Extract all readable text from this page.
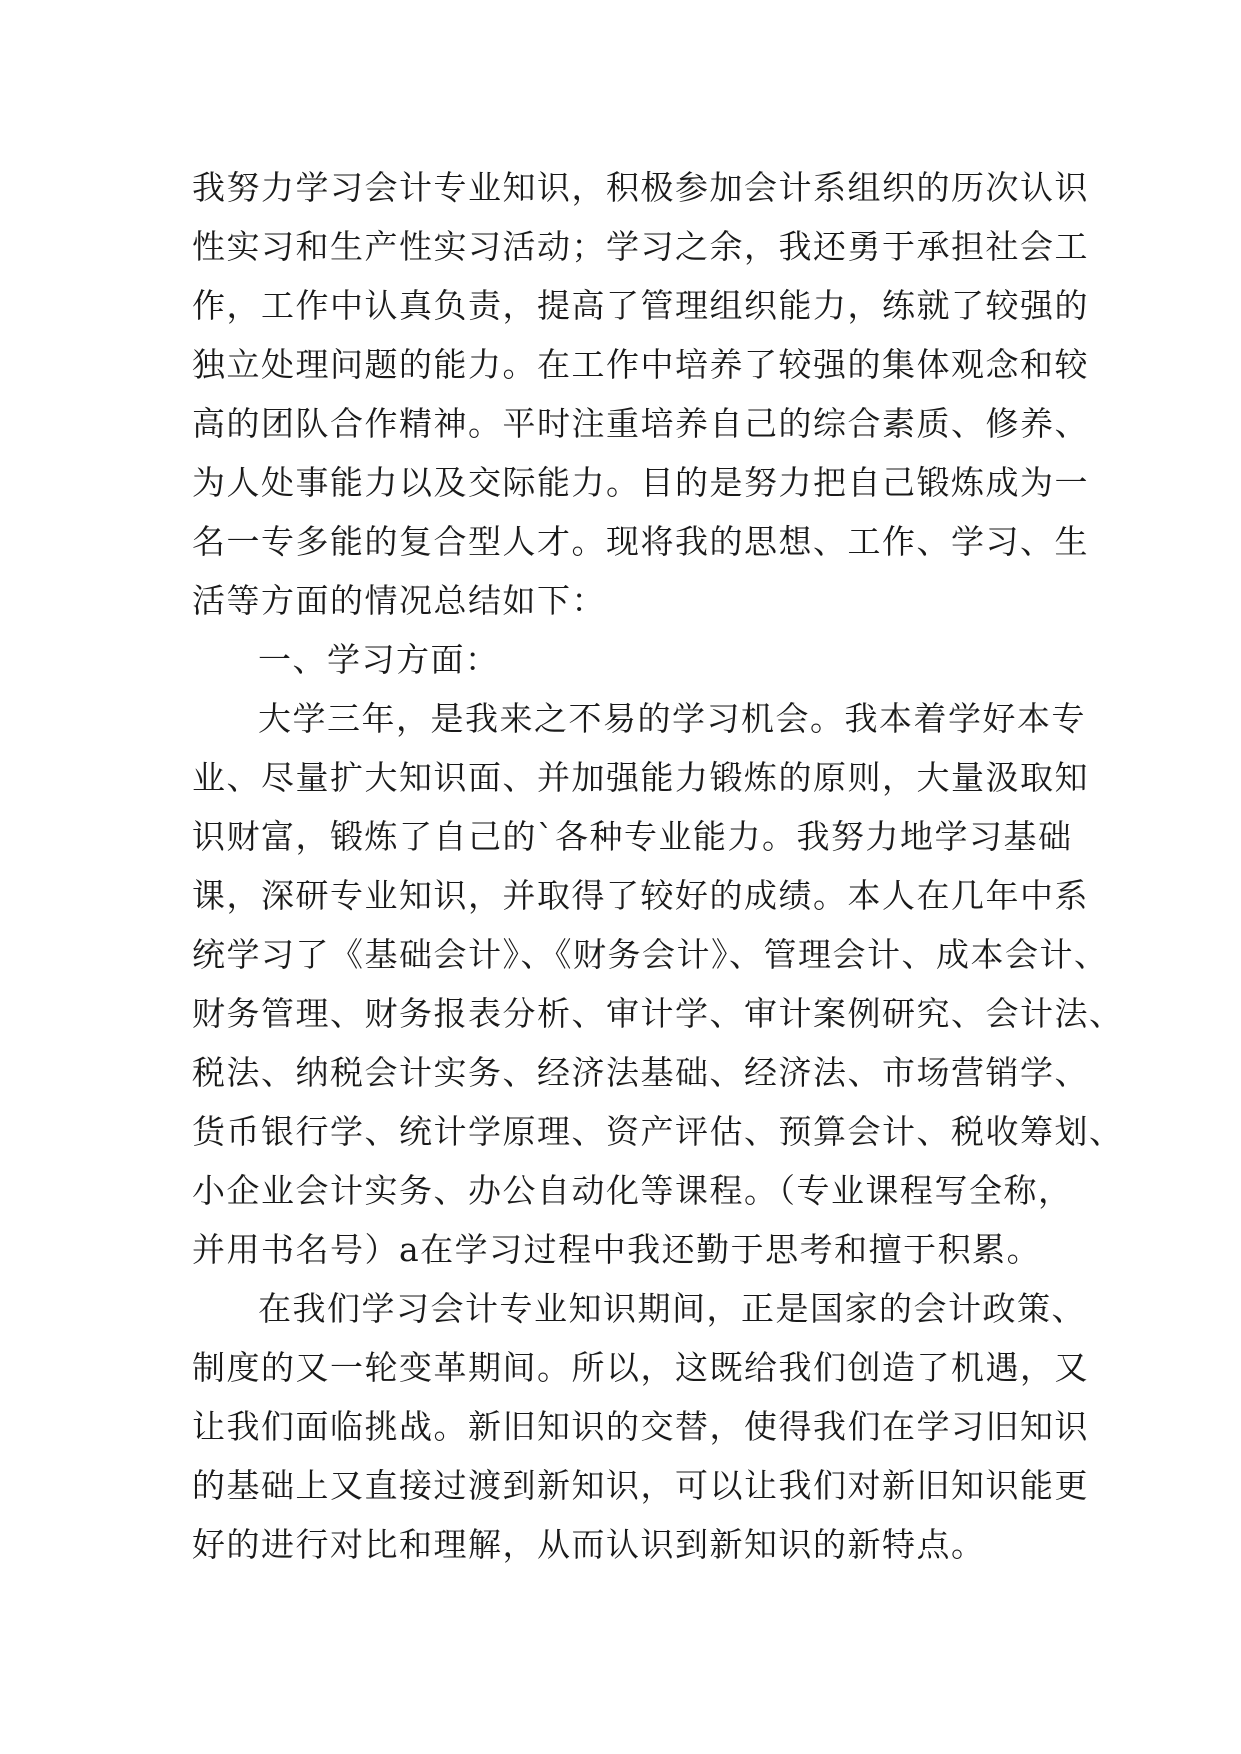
我努力学习会计专业知识，积极参加会计系组织的历次认识
性实习和生产性实习活动；学习之余，我还勇于承担社会工
作，工作中认真负责，提高了管理组织能力，练就了较强的
独立处理问题的能力。在工作中培养了较强的集体观念和较
高的团队合作精神。平时注重培养自己的综合素质、修养、
为人处事能力以及交际能力。目的是努力把自己锻炼成为一
名一专多能的复合型人才。现将我的思想、工作、学习、生
活等方面的情况总结如下：
一、学习方面：
大学三年，是我来之不易的学习机会。我本着学好本专
业、尽量扩大知识面、并加强能力锻炼的原则，大量汲取知
识财富，锻炼了自己的`各种专业能力。我努力地学习基础
课，深研专业知识，并取得了较好的成绩。本人在几年中系
统学习了《基础会计》、《财务会计》、管理会计、成本会计、
财务管理、财务报表分析、审计学、审计案例研究、会计法、
税法、纳税会计实务、经济法基础、经济法、市场营销学、
货币银行学、统计学原理、资产评估、预算会计、税收筹划、
小企业会计实务、办公自动化等课程。（专业课程写全称，
并用书名号）a在学习过程中我还勤于思考和擅于积累。
在我们学习会计专业知识期间，正是国家的会计政策、
制度的又一轮变革期间。所以，这既给我们创造了机遇，又
让我们面临挑战。新旧知识的交替，使得我们在学习旧知识
的基础上又直接过渡到新知识，可以让我们对新旧知识能更
好的进行对比和理解，从而认识到新知识的新特点。
